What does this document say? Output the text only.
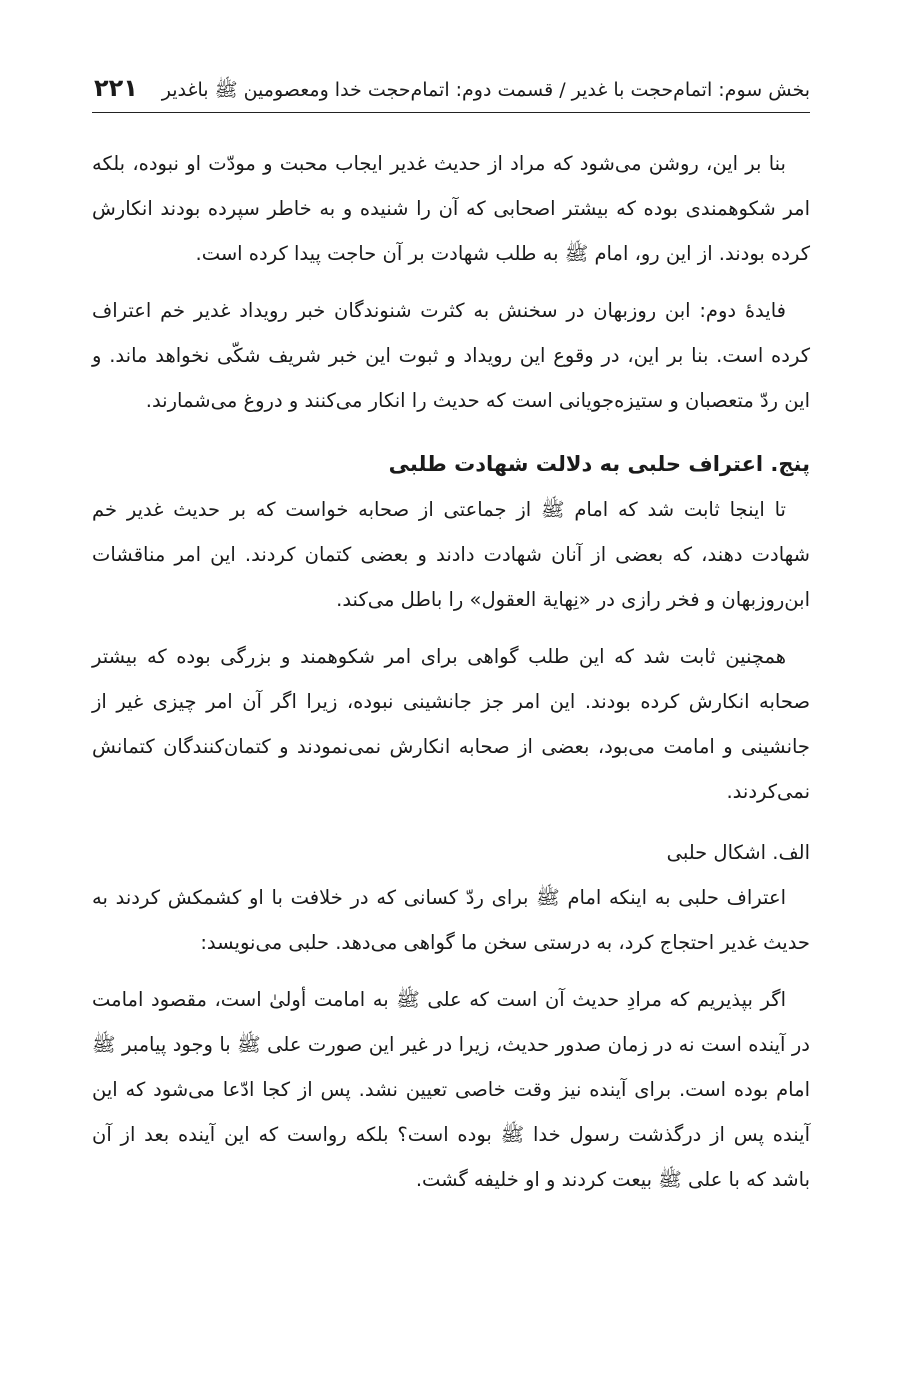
بخش سوم: اتمام‌حجت با غدیر / قسمت دوم: اتمام‌حجت خدا ومعصومین ﷺ باغدیر
۲۲۱

بنا بر این، روشن می‌شود که مراد از حدیث غدیر ایجاب محبت و مودّت او نبوده، بلکه امر شکوهمندی بوده که بیشتر اصحابی که آن را شنیده و به خاطر سپرده بودند انکارش کرده بودند. از این رو، امام ﷺ به طلب شهادت بر آن حاجت پیدا کرده است.

فایدهٔ دوم: ابن روزبهان در سخنش به کثرت شنوندگان خبر رویداد غدیر خم اعتراف کرده است. بنا بر این، در وقوع این رویداد و ثبوت این خبر شریف شکّی نخواهد ماند. و این ردّ متعصبان و ستیزه‌جویانی است که حدیث را انکار می‌کنند و دروغ می‌شمارند.

پنج. اعتراف حلبی به دلالت شهادت طلبی

تا اینجا ثابت شد که امام ﷺ از جماعتی از صحابه خواست که بر حدیث غدیر خم شهادت دهند، که بعضی از آنان شهادت دادند و بعضی کتمان کردند. این امر مناقشات ابن‌روزبهان و فخر رازی در «نِهایة العقول» را باطل می‌کند.

همچنین ثابت شد که این طلب گواهی برای امر شکوهمند و بزرگی بوده که بیشتر صحابه انکارش کرده بودند. این امر جز جانشینی نبوده، زیرا اگر آن امر چیزی غیر از جانشینی و امامت می‌بود، بعضی از صحابه انکارش نمی‌نمودند و کتمان‌کنندگان کتمانش نمی‌کردند.

الف. اشکال حلبی

اعتراف حلبی به اینکه امام ﷺ برای ردّ کسانی که در خلافت با او کشمکش کردند به حدیث غدیر احتجاج کرد، به درستی سخن ما گواهی می‌دهد. حلبی می‌نویسد:

اگر بپذیریم که مرادِ حدیث آن است که علی ﷺ به امامت أولیٰ است، مقصود امامت در آینده است نه در زمان صدور حدیث، زیرا در غیر این صورت علی ﷺ با وجود پیامبر ﷺ امام بوده است. برای آینده نیز وقت خاصی تعیین نشد. پس از کجا ادّعا می‌شود که این آینده پس از درگذشت رسول خدا ﷺ بوده است؟ بلکه رواست که این آینده بعد از آن باشد که با علی ﷺ بیعت کردند و او خلیفه گشت.
